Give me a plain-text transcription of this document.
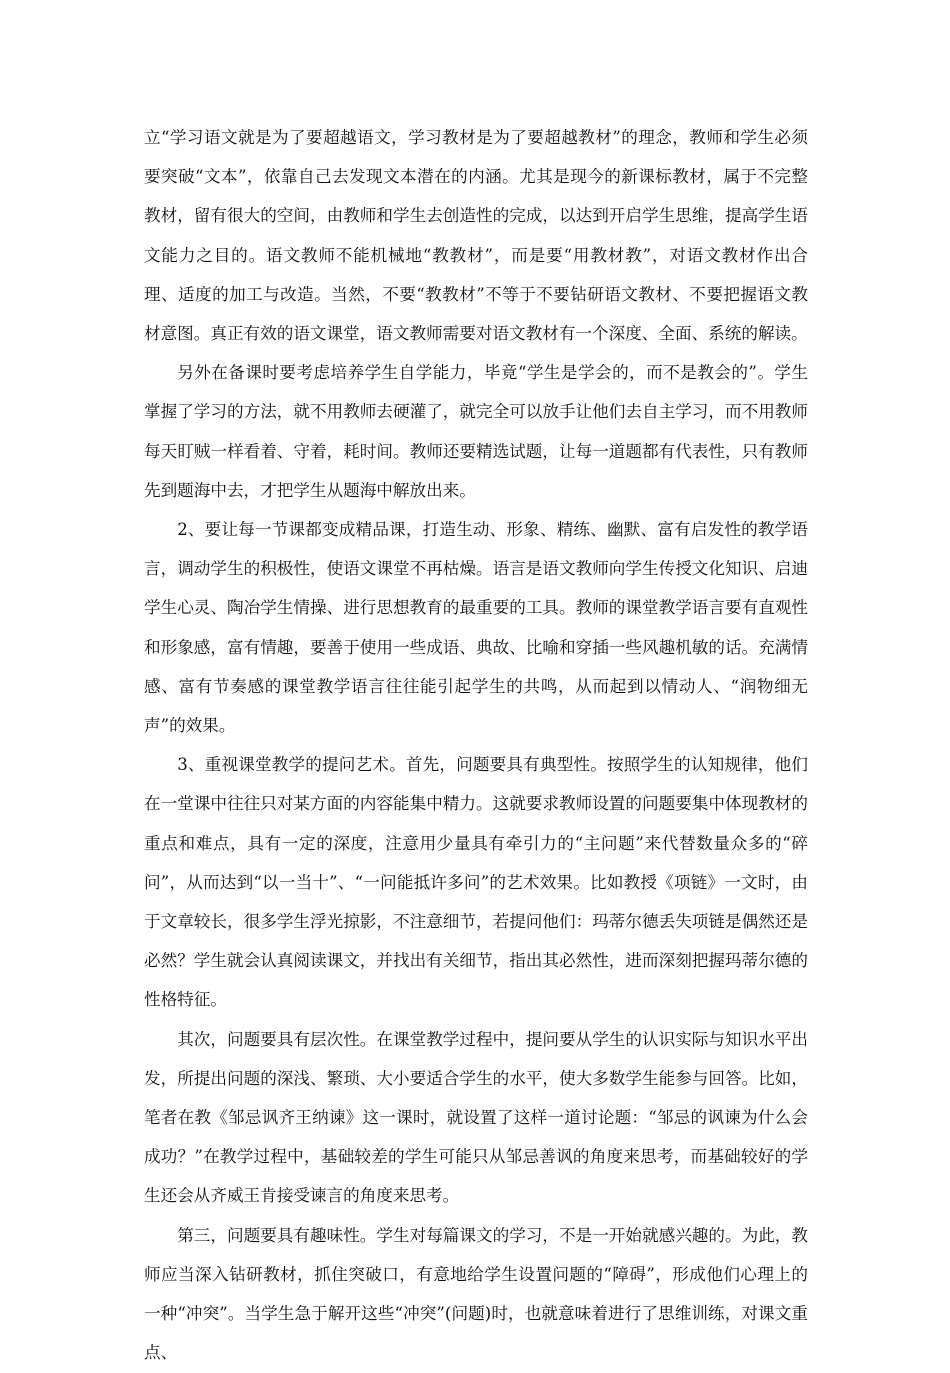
立“学习语文就是为了要超越语文，学习教材是为了要超越教材”的理念，教师和学生必须要突破“文本”，依靠自己去发现文本潜在的内涵。尤其是现今的新课标教材，属于不完整教材，留有很大的空间，由教师和学生去创造性的完成，以达到开启学生思维，提高学生语文能力之目的。语文教师不能机械地“教教材”，而是要“用教材教”，对语文教材作出合理、适度的加工与改造。当然，不要“教教材”不等于不要钻研语文教材、不要把握语文教材意图。真正有效的语文课堂，语文教师需要对语文教材有一个深度、全面、系统的解读。

另外在备课时要考虑培养学生自学能力，毕竟“学生是学会的，而不是教会的”。学生掌握了学习的方法，就不用教师去硬灌了，就完全可以放手让他们去自主学习，而不用教师每天盯贼一样看着、守着，耗时间。教师还要精选试题，让每一道题都有代表性，只有教师先到题海中去，才把学生从题海中解放出来。

2、要让每一节课都变成精品课，打造生动、形象、精练、幽默、富有启发性的教学语言，调动学生的积极性，使语文课堂不再枯燥。语言是语文教师向学生传授文化知识、启迪学生心灵、陶冶学生情操、进行思想教育的最重要的工具。教师的课堂教学语言要有直观性和形象感，富有情趣，要善于使用一些成语、典故、比喻和穿插一些风趣机敏的话。充满情感、富有节奏感的课堂教学语言往往能引起学生的共鸣，从而起到以情动人、“润物细无声”的效果。

3、重视课堂教学的提问艺术。首先，问题要具有典型性。按照学生的认知规律，他们在一堂课中往往只对某方面的内容能集中精力。这就要求教师设置的问题要集中体现教材的重点和难点，具有一定的深度，注意用少量具有牵引力的“主问题”来代替数量众多的“碎问”，从而达到“以一当十”、“一问能抵许多问”的艺术效果。比如教授《项链》一文时，由于文章较长，很多学生浮光掠影，不注意细节，若提问他们：玛蒂尔德丢失项链是偶然还是必然？学生就会认真阅读课文，并找出有关细节，指出其必然性，进而深刻把握玛蒂尔德的性格特征。

其次，问题要具有层次性。在课堂教学过程中，提问要从学生的认识实际与知识水平出发，所提出问题的深浅、繁琐、大小要适合学生的水平，使大多数学生能参与回答。比如，笔者在教《邹忌讽齐王纳谏》这一课时，就设置了这样一道讨论题：“邹忌的讽谏为什么会成功？”在教学过程中，基础较差的学生可能只从邹忌善讽的角度来思考，而基础较好的学生还会从齐威王肯接受谏言的角度来思考。

第三，问题要具有趣味性。学生对每篇课文的学习，不是一开始就感兴趣的。为此，教师应当深入钻研教材，抓住突破口，有意地给学生设置问题的“障碍”，形成他们心理上的一种“冲突”。当学生急于解开这些“冲突”(问题)时，也就意味着进行了思维训练，对课文重点、
